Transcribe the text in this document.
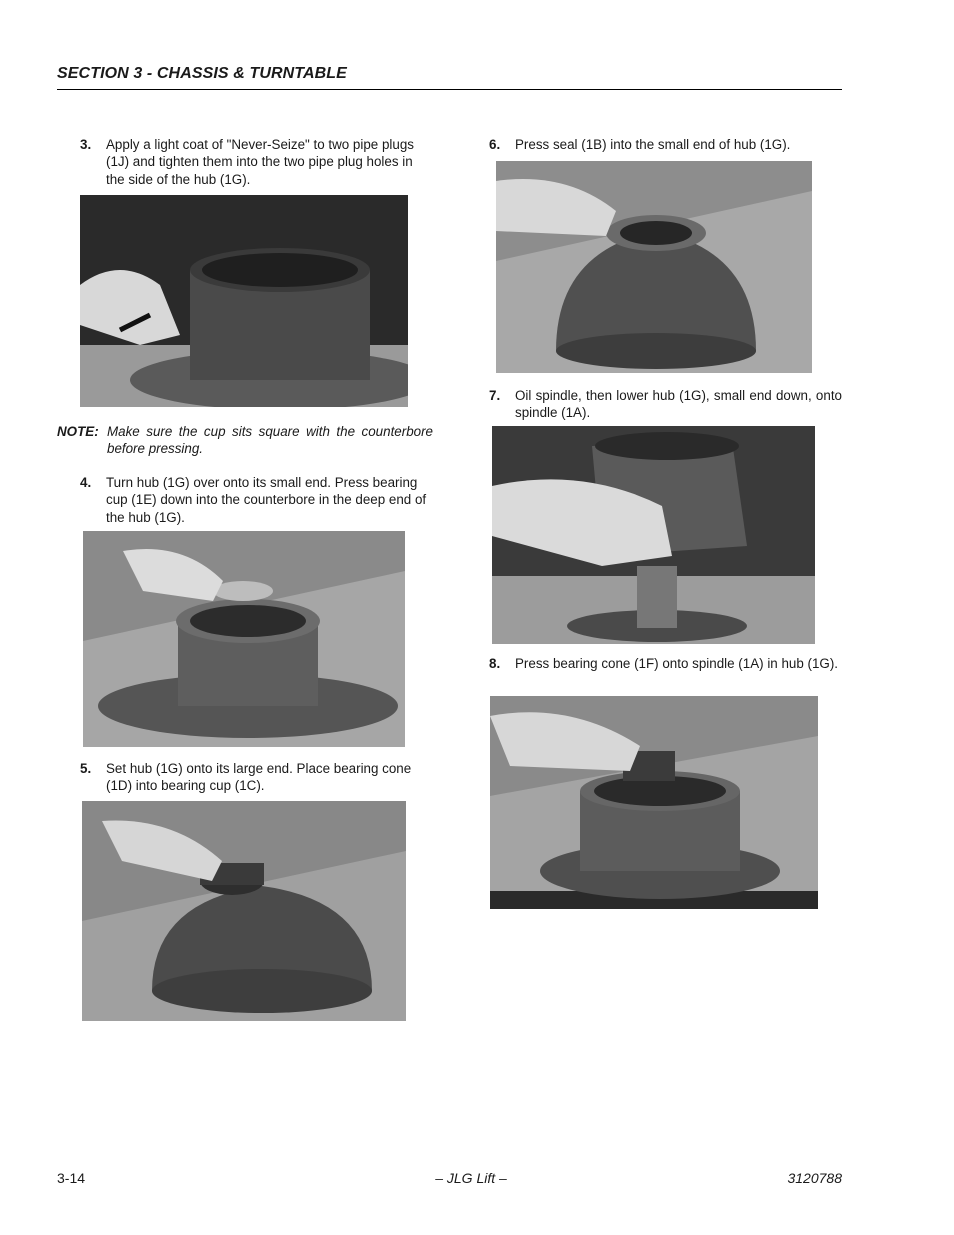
SECTION 3 - CHASSIS & TURNTABLE
3. Apply a light coat of "Never-Seize" to two pipe plugs (1J) and tighten them into the two pipe plug holes in the side of the hub (1G).
NOTE: Make sure the cup sits square with the counterbore before pressing.
4. Turn hub (1G) over onto its small end. Press bearing cup (1E) down into the counterbore in the deep end of the hub (1G).
5. Set hub (1G) onto its large end. Place bearing cone (1D) into bearing cup (1C).
6. Press seal (1B) into the small end of hub (1G).
7. Oil spindle, then lower hub (1G), small end down, onto spindle (1A).
8. Press bearing cone (1F) onto spindle (1A) in hub (1G).
3-14	– JLG Lift –	3120788
